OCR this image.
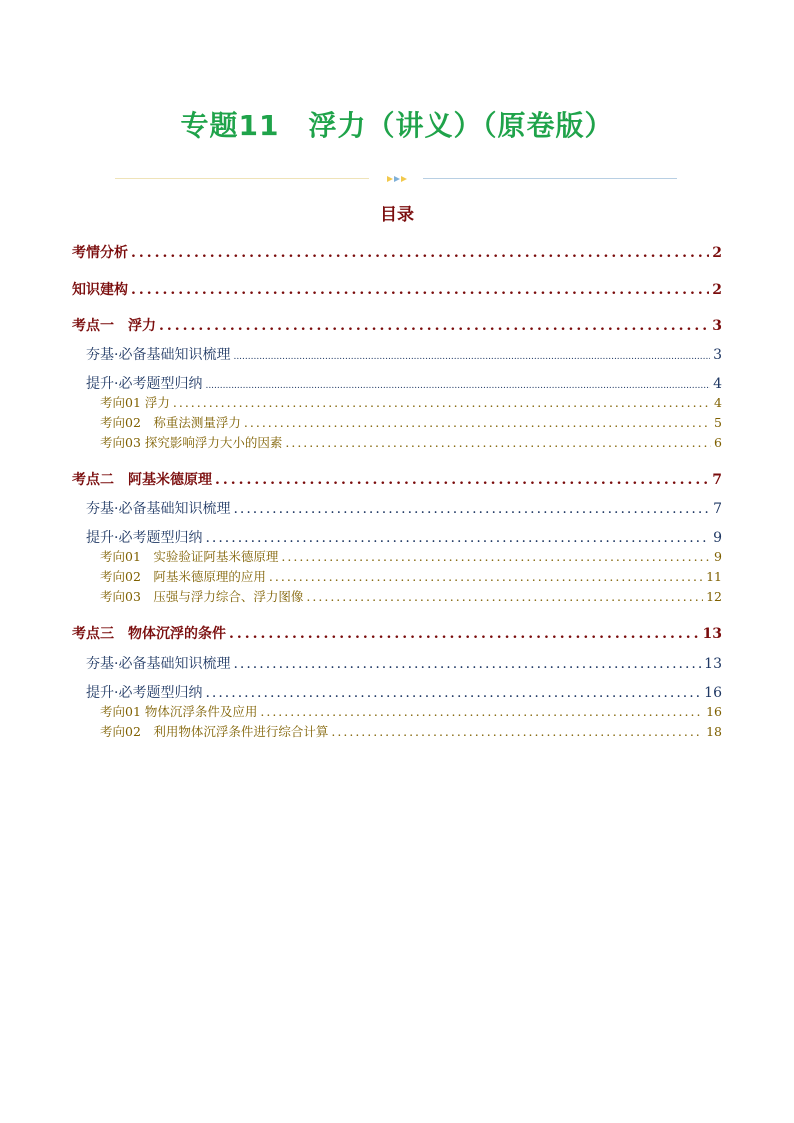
专题11　浮力（讲义）（原卷版）
目录
考情分析 .....	2
知识建构 .....	2
考点一　浮力 .....	3
夯基·必备基础知识梳理 .....	3
提升·必考题型归纳 .....	4
考向01 浮力 .....	4
考向02　称重法测量浮力 .....	5
考向03 探究影响浮力大小的因素 .....	6
考点二　阿基米德原理 .....	7
夯基·必备基础知识梳理 .....	7
提升·必考题型归纳 .....	9
考向01　实验验证阿基米德原理 .....	9
考向02　阿基米德原理的应用 .....	11
考向03　压强与浮力综合、浮力图像 .....	12
考点三　物体沉浮的条件 .....	13
夯基·必备基础知识梳理 .....	13
提升·必考题型归纳 .....	16
考向01 物体沉浮条件及应用 .....	16
考向02　利用物体沉浮条件进行综合计算 .....	18
